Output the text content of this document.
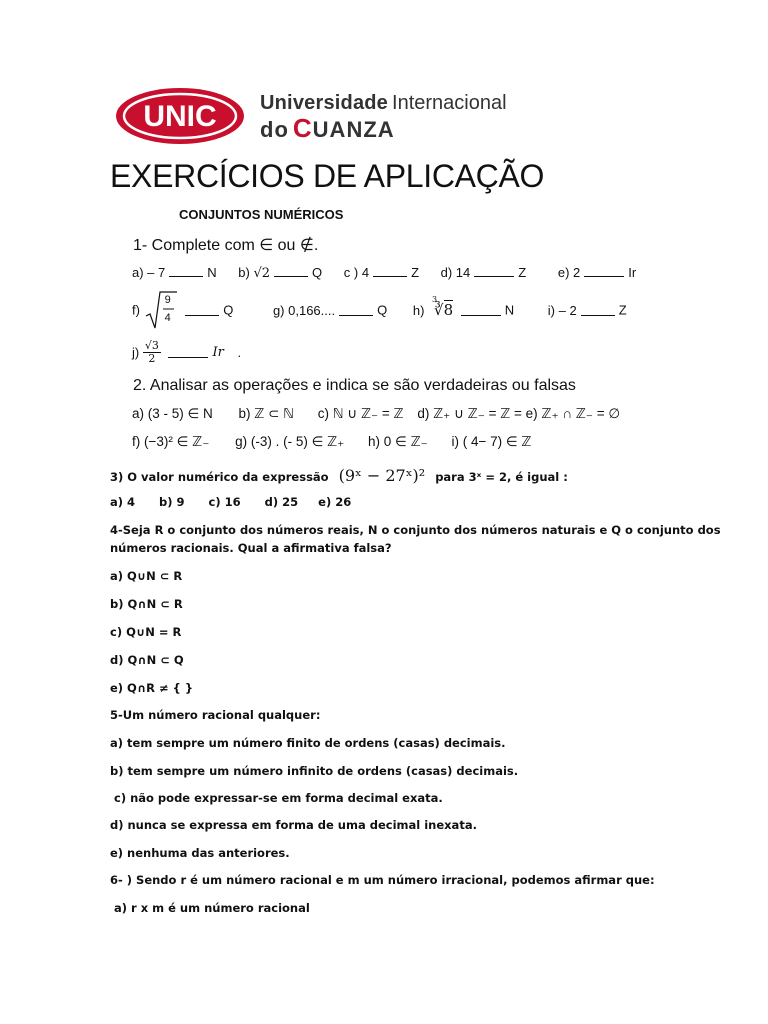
UNIC Universidade Internacional
do CUANZA
EXERCÍCIOS DE APLICAÇÃO
CONJUNTOS NUMÉRICOS
1- Complete com ∈ ou ∉.
a) – 7	N b) √2	Q c ) 4	Z d) 14	Z e) 2	Ir
f)
9
4
Q	g) 0,166....	Q h)
3
∛8	N	i) – 2	Z
$j) \frac{√3}{2}$	Ir .
2. Analisar as operações e indica se são verdadeiras ou falsas
a) (3 - 5) ∈ N b) ℤ ⊂ ℕ c) ℕ ∪ ℤ₋ = ℤ d) ℤ₊ ∪ ℤ₋ = ℤ = e) ℤ₊ ∩ ℤ₋ = ∅
f) (−3)² ∈ ℤ₋ g) (-3) . (- 5) ∈ ℤ₊ h) 0 ∈ ℤ₋ i) ( 4− 7) ∈ ℤ
3) O valor numérico da expressão (9ˣ − 27ˣ)² para 3ˣ = 2, é igual :
a) 4      b) 9      c) 16      d) 25     e) 26
4-Seja R o conjunto dos números reais, N o conjunto dos números naturais e Q o conjunto dos
números racionais. Qual a afirmativa falsa?
a) Q∪N ⊂ R
b) Q∩N ⊂ R
c) Q∪N = R
d) Q∩N ⊂ Q
e) Q∩R ≠ { }
5-Um número racional qualquer:
a) tem sempre um número finito de ordens (casas) decimais.
b) tem sempre um número infinito de ordens (casas) decimais.
c) não pode expressar-se em forma decimal exata.
d) nunca se expressa em forma de uma decimal inexata.
e) nenhuma das anteriores.
6- ) Sendo r é um número racional e m um número irracional, podemos afirmar que:
a) r x m é um número racional
